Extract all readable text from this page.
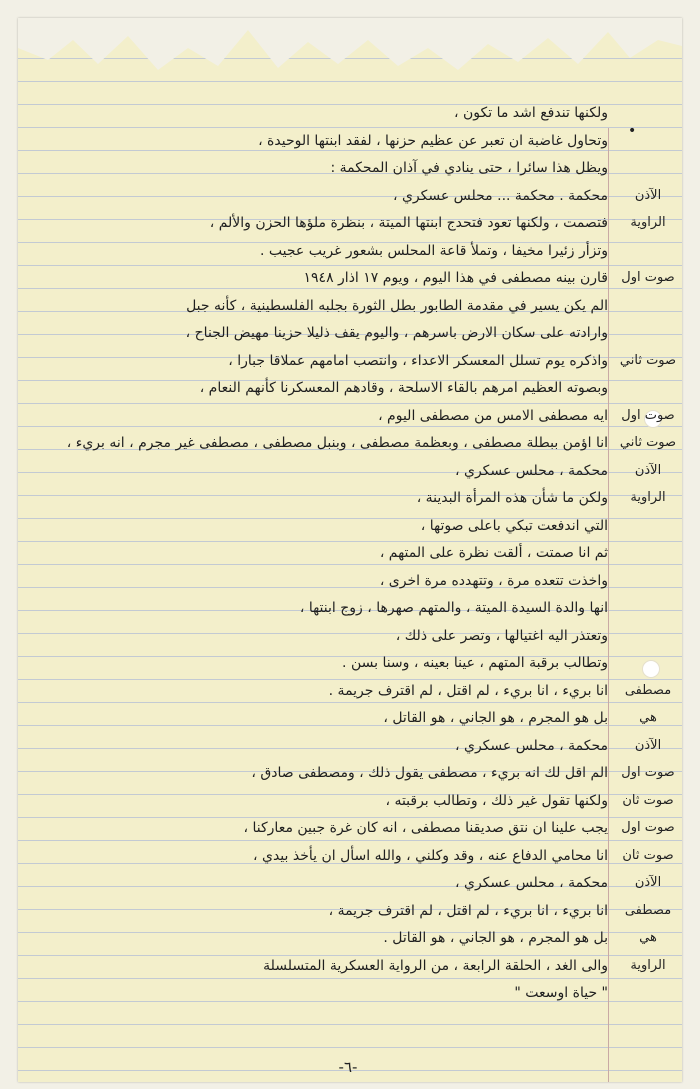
•
ولكنها تندفع اشد ما تكون ،
وتحاول غاضبة ان تعبر عن عظيم حزنها ، لفقد ابنتها الوحيدة ،
ويظل هذا سائرا ، حتى ينادي في آذان المحكمة :
محكمة . محكمة ... محلس عسكري ،	الآذن
فتصمت ، ولكنها تعود فتحدج ابنتها الميتة ، بنظرة ملؤها الحزن والألم ،	الراوية
وتزأر زئيرا مخيفا ، وتملأ قاعة المحلس بشعور غريب عجيب .
قارن بينه مصطفى في هذا اليوم ، ويوم ١٧ اذار ١٩٤٨	صوت اول
الم يكن يسير في مقدمة الطابور بطل الثورة بجلبه الفلسطينية ، كأنه جبل
وارادته على سكان الارض باسرهم ، واليوم يقف ذليلا حزينا مهيض الجناح ،
واذكره يوم تسلل المعسكر الاعداء ، وانتصب امامهم عملاقا جبارا ، صوت ثاني
وبصوته العظيم امرهم بالقاء الاسلحة ، وقادهم المعسكرنا كأنهم النعام ،
ايه مصطفى الامس من مصطفى اليوم ،	صوت اول
انا اؤمن ببطلة مصطفى ، وبعظمة مصطفى ، وبنبل مصطفى ، مصطفى غير مجرم ، انه بريء ، صوت ثاني
محكمة ، محلس عسكري ،	الآذن
ولكن ما شأن هذه المرأة البدينة ،	الراوية
التي اندفعت تبكي باعلى صوتها ،
ثم انا صمتت ، ألقت نظرة على المتهم ،
واخذت تتعده مرة ، وتتهدده مرة اخرى ،
انها والدة السيدة الميتة ، والمتهم صهرها ، زوج ابنتها ،
وتعتذر اليه اغتيالها ، وتصر على ذلك ،
وتطالب برقبة المتهم ، عينا بعينه ، وسنا بسن .
انا بريء ، انا بريء ، لم اقتل ، لم اقترف جريمة .	مصطفى
بل هو المجرم ، هو الجاني ، هو القاتل ،	هي
محكمة ، محلس عسكري ،	الآذن
الم اقل لك انه بريء ، مصطفى يقول ذلك ، ومصطفى صادق ،	صوت اول
ولكنها تقول غير ذلك ، وتطالب برقبته ،	صوت ثان
يجب علينا ان نتق صديقنا مصطفى ، انه كان غرة جبين معاركنا ،	صوت اول
انا محامي الدفاع عنه ، وقد وكلني ، والله اسأل ان يأخذ بيدي ،	صوت ثان
محكمة ، محلس عسكري ،	الآذن
انا بريء ، انا بريء ، لم اقتل ، لم اقترف جريمة ،	مصطفى
بل هو المجرم ، هو الجاني ، هو القاتل .	هي
والى الغد ، الحلقة الرابعة ، من الرواية العسكرية المتسلسلة	الراوية
" حياة اوسعت "
-٦-
